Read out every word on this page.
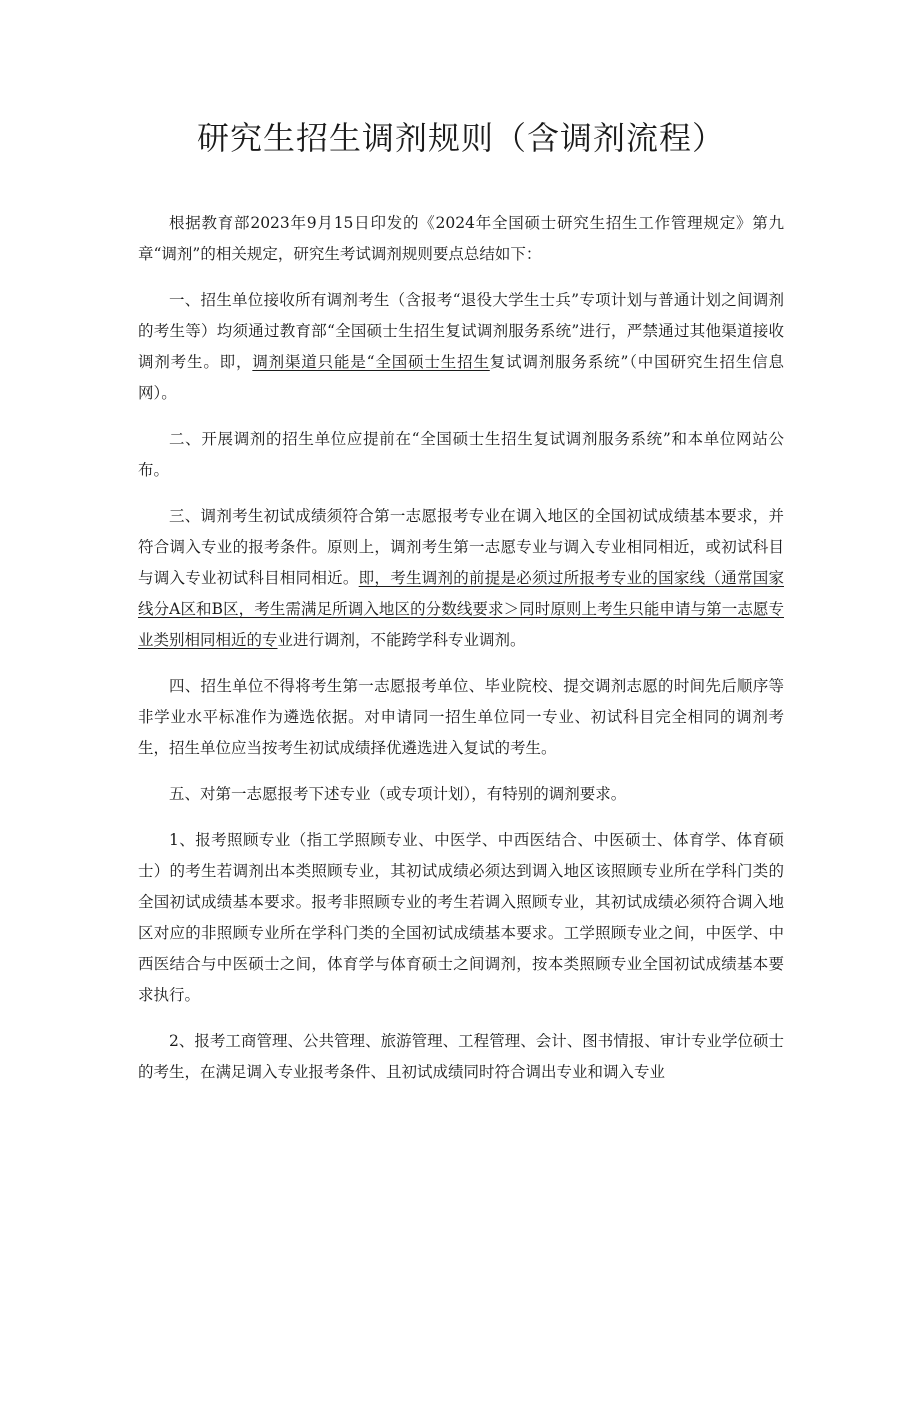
研究生招生调剂规则（含调剂流程）

根据教育部2023年9月15日印发的《2024年全国硕士研究生招生工作管理规定》第九章“调剂”的相关规定，研究生考试调剂规则要点总结如下：

一、招生单位接收所有调剂考生（含报考“退役大学生士兵”专项计划与普通计划之间调剂的考生等）均须通过教育部“全国硕士生招生复试调剂服务系统”进行，严禁通过其他渠道接收调剂考生。即，调剂渠道只能是“全国硕士生招生复试调剂服务系统”（中国研究生招生信息网）。

二、开展调剂的招生单位应提前在“全国硕士生招生复试调剂服务系统”和本单位网站公布。

三、调剂考生初试成绩须符合第一志愿报考专业在调入地区的全国初试成绩基本要求，并符合调入专业的报考条件。原则上，调剂考生第一志愿专业与调入专业相同相近，或初试科目与调入专业初试科目相同相近。即，考生调剂的前提是必须过所报考专业的国家线（通常国家线分A区和B区，考生需满足所调入地区的分数线要求＞同时原则上考生只能申请与第一志愿专业类别相同相近的专业进行调剂，不能跨学科专业调剂。

四、招生单位不得将考生第一志愿报考单位、毕业院校、提交调剂志愿的时间先后顺序等非学业水平标准作为遴选依据。对申请同一招生单位同一专业、初试科目完全相同的调剂考生，招生单位应当按考生初试成绩择优遴选进入复试的考生。

五、对第一志愿报考下述专业（或专项计划），有特别的调剂要求。

1、报考照顾专业（指工学照顾专业、中医学、中西医结合、中医硕士、体育学、体育硕士）的考生若调剂出本类照顾专业，其初试成绩必须达到调入地区该照顾专业所在学科门类的全国初试成绩基本要求。报考非照顾专业的考生若调入照顾专业，其初试成绩必须符合调入地区对应的非照顾专业所在学科门类的全国初试成绩基本要求。工学照顾专业之间，中医学、中西医结合与中医硕士之间，体育学与体育硕士之间调剂，按本类照顾专业全国初试成绩基本要求执行。

2、报考工商管理、公共管理、旅游管理、工程管理、会计、图书情报、审计专业学位硕士的考生，在满足调入专业报考条件、且初试成绩同时符合调出专业和调入专业
